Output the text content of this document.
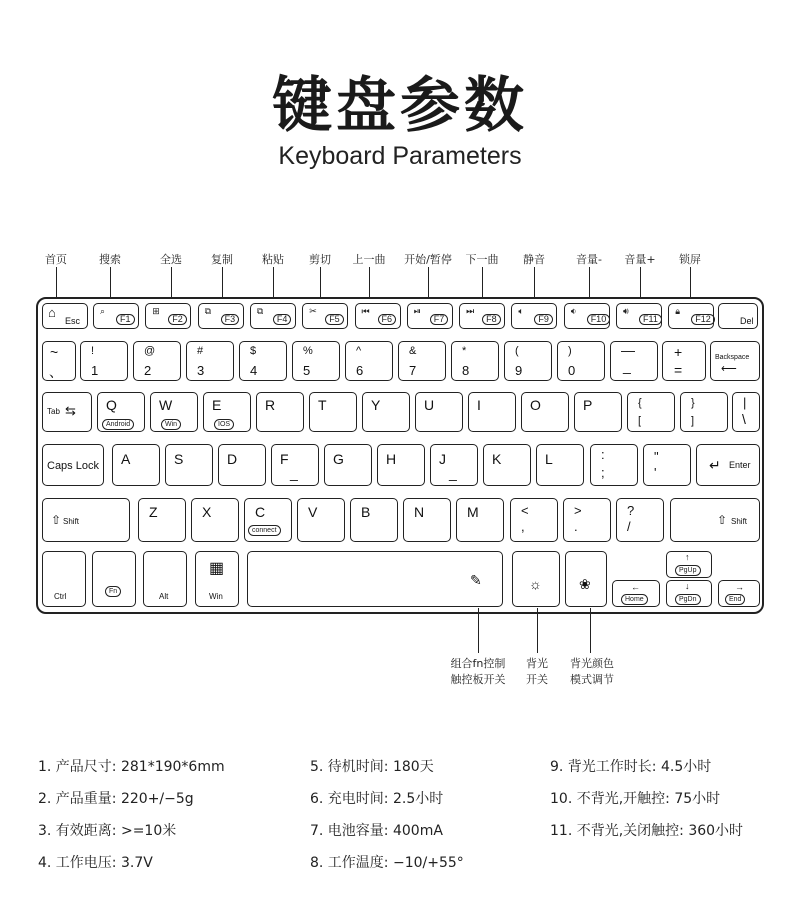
键盘参数
Keyboard Parameters
首页	搜索	全选	复制	粘贴 剪切 上一曲 开始/暂停 下一曲 静音	音量- 音量+ 锁屏
⌂
Esc
⌕
F1
⊞
F2
⧉
F3
⧉
F4
✂
F5
⏮
F6
⏯
F7
⏭
F8
🔈︎
F9
🔉︎
F10
🔊︎
F11
🔒︎
F12	Del
~
、
!
1
@
2
#
3
$
4
%
5
^
6
&
7
*
8
(
9
)
0
—
_
+
=
Backspace
⟵
Tab ⇆ Q
Android
W
Win
E
IOS
R	T	Y	U	I	O	P	{
[
}
]
|
\
Caps Lock A	S	D	F
_
G	H	J
_
K	L	:
;
"
'	↵ Enter
⇧ Shift
Z	X	C
connect
V	B	N	M	<
,
>
.
?
/	⇧ Shift
Ctrl
Fn
Alt
▦
Win
✎	☼	❀	←
Home
↑
PgUp
↓
PgDn
→
End
组合fn控制
触控板开关
背光
开关
背光颜色
模式调节
1. 产品尺寸: 281*190*6mm
2. 产品重量: 220+/−5g
3. 有效距离: >=10米
4. 工作电压: 3.7V
5. 待机时间: 180天
6. 充电时间: 2.5小时
7. 电池容量: 400mA
8. 工作温度: −10/+55°
9. 背光工作时长: 4.5小时
10. 不背光,开触控: 75小时
11. 不背光,关闭触控: 360小时
